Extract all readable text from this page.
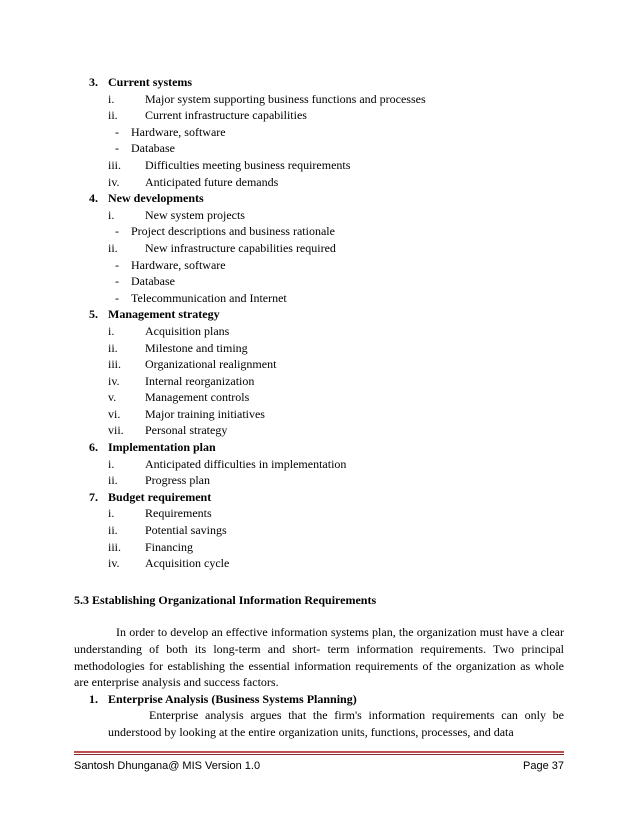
3. Current systems
i.	Major system supporting business functions and processes
ii. Current infrastructure capabilities
- Hardware, software
- Database
iii. Difficulties meeting business requirements
iv. Anticipated future demands
4. New developments
i.	New system projects
- Project descriptions and business rationale
ii. New infrastructure capabilities required
- Hardware, software
- Database
- Telecommunication and Internet
5. Management strategy
i.	Acquisition plans
ii. Milestone and timing
iii. Organizational realignment
iv. Internal reorganization
v. Management controls
vi. Major training initiatives
vii. Personal strategy
6. Implementation plan
i.	Anticipated difficulties in implementation
ii. Progress plan
7. Budget requirement
i.	Requirements
ii. Potential savings
iii. Financing
iv. Acquisition cycle
5.3 Establishing Organizational Information Requirements

In order to develop an effective information systems plan, the organization must have a clear understanding of both its long-term and short- term information requirements. Two principal methodologies for establishing the essential information requirements of the organization as whole are enterprise analysis and success factors.

1. Enterprise Analysis (Business Systems Planning)

Enterprise analysis argues that the firm's information requirements can only be understood by looking at the entire organization units, functions, processes, and data

Santosh Dhungana@ MIS Version 1.0	Page 37
